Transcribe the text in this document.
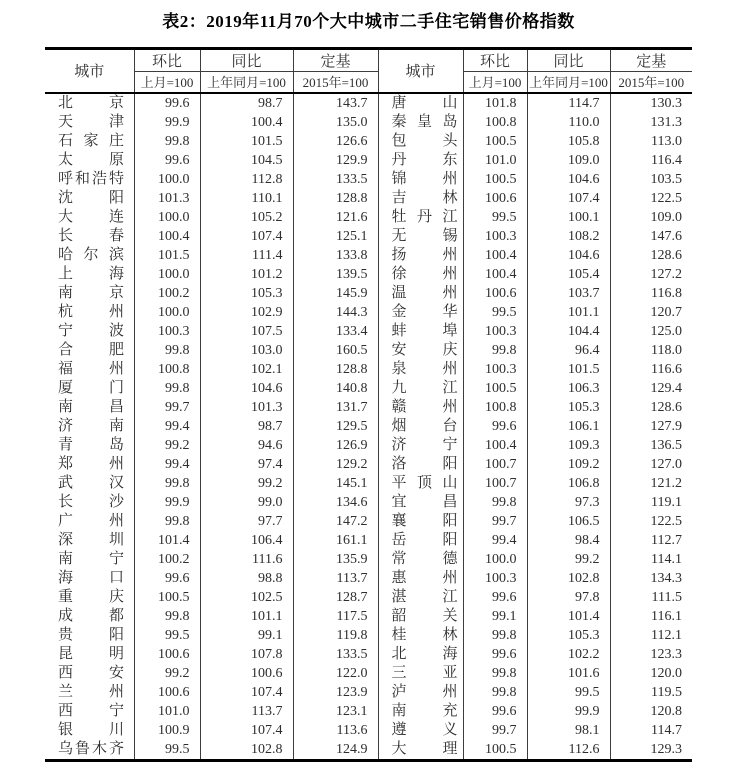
表2：2019年11月70个大中城市二手住宅销售价格指数
城市	环比	同比	定基	城市	环比	同比	定基
	上月=100	上年同月=100	2015年=100		上月=100	上年同月=100	2015年=100
北京	99.6	98.7	143.7	唐山	101.8	114.7	130.3
天津	99.9	100.4	135.0	秦皇岛	100.8	110.0	131.3
石家庄	99.8	101.5	126.6	包头	100.5	105.8	113.0
太原	99.6	104.5	129.9	丹东	101.0	109.0	116.4
呼和浩特	100.0	112.8	133.5	锦州	100.5	104.6	103.5
沈阳	101.3	110.1	128.8	吉林	100.6	107.4	122.5
大连	100.0	105.2	121.6	牡丹江	99.5	100.1	109.0
长春	100.4	107.4	125.1	无锡	100.3	108.2	147.6
哈尔滨	101.5	111.4	133.8	扬州	100.4	104.6	128.6
上海	100.0	101.2	139.5	徐州	100.4	105.4	127.2
南京	100.2	105.3	145.9	温州	100.6	103.7	116.8
杭州	100.0	102.9	144.3	金华	99.5	101.1	120.7
宁波	100.3	107.5	133.4	蚌埠	100.3	104.4	125.0
合肥	99.8	103.0	160.5	安庆	99.8	96.4	118.0
福州	100.8	102.1	128.8	泉州	100.3	101.5	116.6
厦门	99.8	104.6	140.8	九江	100.5	106.3	129.4
南昌	99.7	101.3	131.7	赣州	100.8	105.3	128.6
济南	99.4	98.7	129.5	烟台	99.6	106.1	127.9
青岛	99.2	94.6	126.9	济宁	100.4	109.3	136.5
郑州	99.4	97.4	129.2	洛阳	100.7	109.2	127.0
武汉	99.8	99.2	145.1	平顶山	100.7	106.8	121.2
长沙	99.9	99.0	134.6	宜昌	99.8	97.3	119.1
广州	99.8	97.7	147.2	襄阳	99.7	106.5	122.5
深圳	101.4	106.4	161.1	岳阳	99.4	98.4	112.7
南宁	100.2	111.6	135.9	常德	100.0	99.2	114.1
海口	99.6	98.8	113.7	惠州	100.3	102.8	134.3
重庆	100.5	102.5	128.7	湛江	99.6	97.8	111.5
成都	99.8	101.1	117.5	韶关	99.1	101.4	116.1
贵阳	99.5	99.1	119.8	桂林	99.8	105.3	112.1
昆明	100.6	107.8	133.5	北海	99.6	102.2	123.3
西安	99.2	100.6	122.0	三亚	99.8	101.6	120.0
兰州	100.6	107.4	123.9	泸州	99.8	99.5	119.5
西宁	101.0	113.7	123.1	南充	99.6	99.9	120.8
银川	100.9	107.4	113.6	遵义	99.7	98.1	114.7
乌鲁木齐	99.5	102.8	124.9	大理	100.5	112.6	129.3
